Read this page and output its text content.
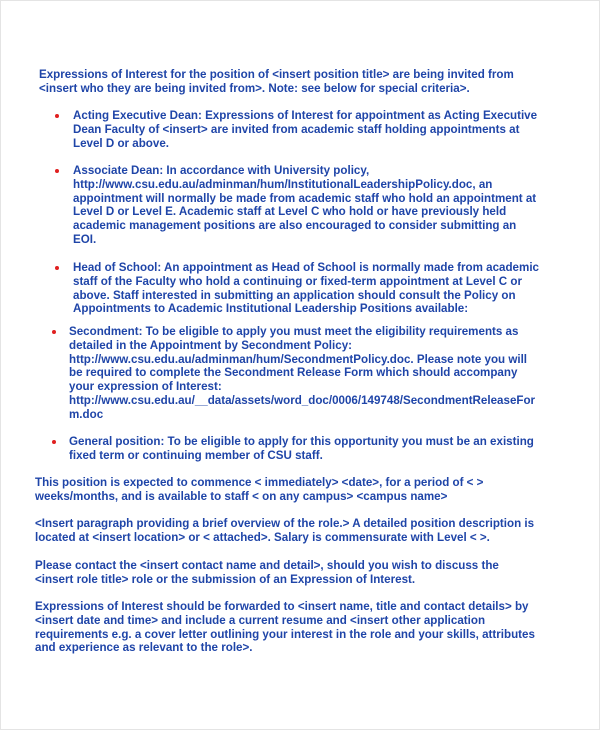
Expressions of Interest for the position of <insert position title> are being invited from
<insert who they are being invited from>. Note: see below for special criteria>.
Acting Executive Dean: Expressions of Interest for appointment as Acting Executive
Dean Faculty of <insert> are invited from academic staff holding appointments at
Level D or above.
Associate Dean: In accordance with University policy,
http://www.csu.edu.au/adminman/hum/InstitutionalLeadershipPolicy.doc, an
appointment will normally be made from academic staff who hold an appointment at
Level D or Level E. Academic staff at Level C who hold or have previously held
academic management positions are also encouraged to consider submitting an
EOI.
Head of School: An appointment as Head of School is normally made from academic
staff of the Faculty who hold a continuing or fixed-term appointment at Level C or
above. Staff interested in submitting an application should consult the Policy on
Appointments to Academic Institutional Leadership Positions available:
Secondment: To be eligible to apply you must meet the eligibility requirements as
detailed in the Appointment by Secondment Policy:
http://www.csu.edu.au/adminman/hum/SecondmentPolicy.doc. Please note you will
be required to complete the Secondment Release Form which should accompany
your expression of Interest:
http://www.csu.edu.au/__data/assets/word_doc/0006/149748/SecondmentReleaseFor
m.doc
General position: To be eligible to apply for this opportunity you must be an existing
fixed term or continuing member of CSU staff.
This position is expected to commence < immediately> <date>, for a period of < >
weeks/months, and is available to staff < on any campus> <campus name>
<Insert paragraph providing a brief overview of the role.> A detailed position description is
located at <insert location> or < attached>. Salary is commensurate with Level < >.
Please contact the <insert contact name and detail>, should you wish to discuss the
<insert role title> role or the submission of an Expression of Interest.
Expressions of Interest should be forwarded to <insert name, title and contact details> by
<insert date and time> and include a current resume and <insert other application
requirements e.g. a cover letter outlining your interest in the role and your skills, attributes
and experience as relevant to the role>.
